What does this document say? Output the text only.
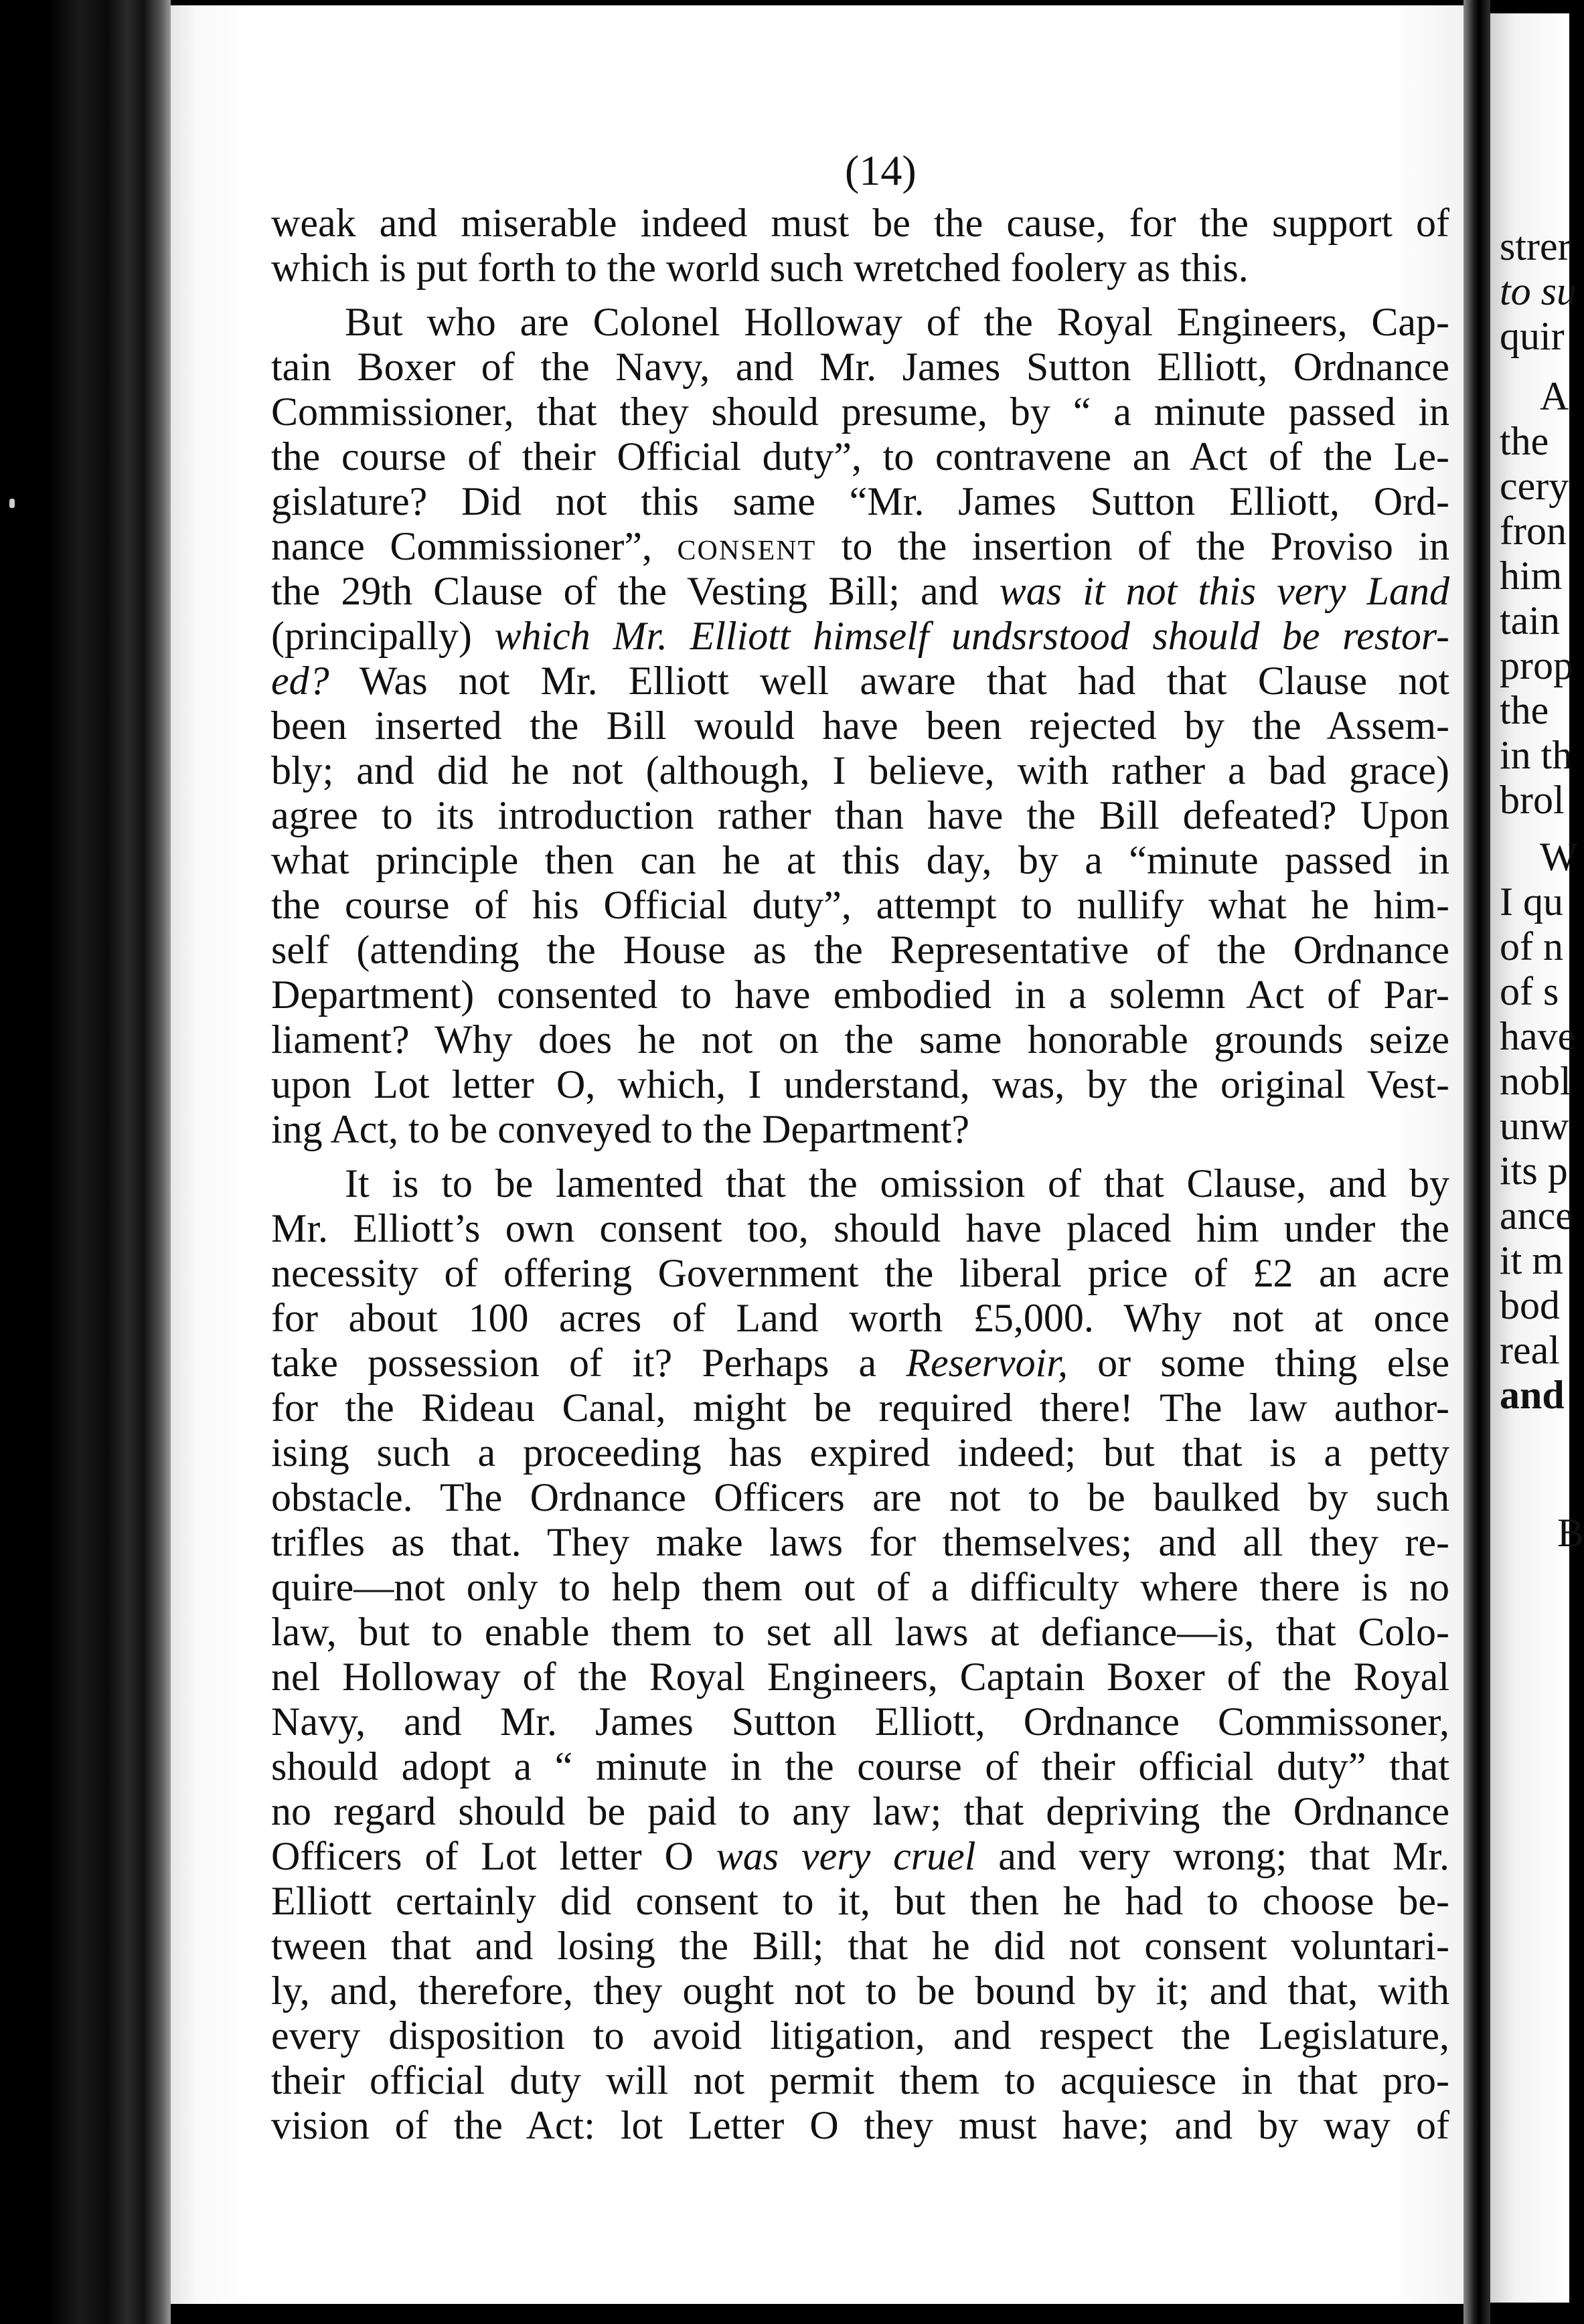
strer
to su
quir
A
the
cery
fron
him
tain
prop
the
in th
brol
W
I qu
of n
of s
have
nobl
unw
its p
ance
it m
bod
real
and
B
(14)

weak and miserable indeed must be the cause, for the support of

which is put forth to the world such wretched foolery as this.

But who are Colonel Holloway of the Royal Engineers, Cap-

tain Boxer of the Navy, and Mr. James Sutton Elliott, Ordnance

Commissioner, that they should presume, by “ a minute passed in

the course of their Official duty”, to contravene an Act of the Le-

gislature? Did not this same “Mr. James Sutton Elliott, Ord-

nance Commissioner”, consent to the insertion of the Proviso in

the 29th Clause of the Vesting Bill; and was it not this very Land

(principally) which Mr. Elliott himself undsrstood should be restor-

ed? Was not Mr. Elliott well aware that had that Clause not

been inserted the Bill would have been rejected by the Assem-

bly; and did he not (although, I believe, with rather a bad grace)

agree to its introduction rather than have the Bill defeated? Upon

what principle then can he at this day, by a “minute passed in

the course of his Official duty”, attempt to nullify what he him-

self (attending the House as the Representative of the Ordnance

Department) consented to have embodied in a solemn Act of Par-

liament? Why does he not on the same honorable grounds seize

upon Lot letter O, which, I understand, was, by the original Vest-

ing Act, to be conveyed to the Department?

It is to be lamented that the omission of that Clause, and by

Mr. Elliott’s own consent too, should have placed him under the

necessity of offering Government the liberal price of £2 an acre

for about 100 acres of Land worth £5,000. Why not at once

take possession of it? Perhaps a Reservoir, or some thing else

for the Rideau Canal, might be required there! The law author-

ising such a proceeding has expired indeed; but that is a petty

obstacle. The Ordnance Officers are not to be baulked by such

trifles as that. They make laws for themselves; and all they re-

quire—not only to help them out of a difficulty where there is no

law, but to enable them to set all laws at defiance—is, that Colo-

nel Holloway of the Royal Engineers, Captain Boxer of the Royal

Navy, and Mr. James Sutton Elliott, Ordnance Commissoner,

should adopt a “ minute in the course of their official duty” that

no regard should be paid to any law; that depriving the Ordnance

Officers of Lot letter O was very cruel and very wrong; that Mr.

Elliott certainly did consent to it, but then he had to choose be-

tween that and losing the Bill; that he did not consent voluntari-

ly, and, therefore, they ought not to be bound by it; and that, with

every disposition to avoid litigation, and respect the Legislature,

their official duty will not permit them to acquiesce in that pro-

vision of the Act: lot Letter O they must have; and by way of
